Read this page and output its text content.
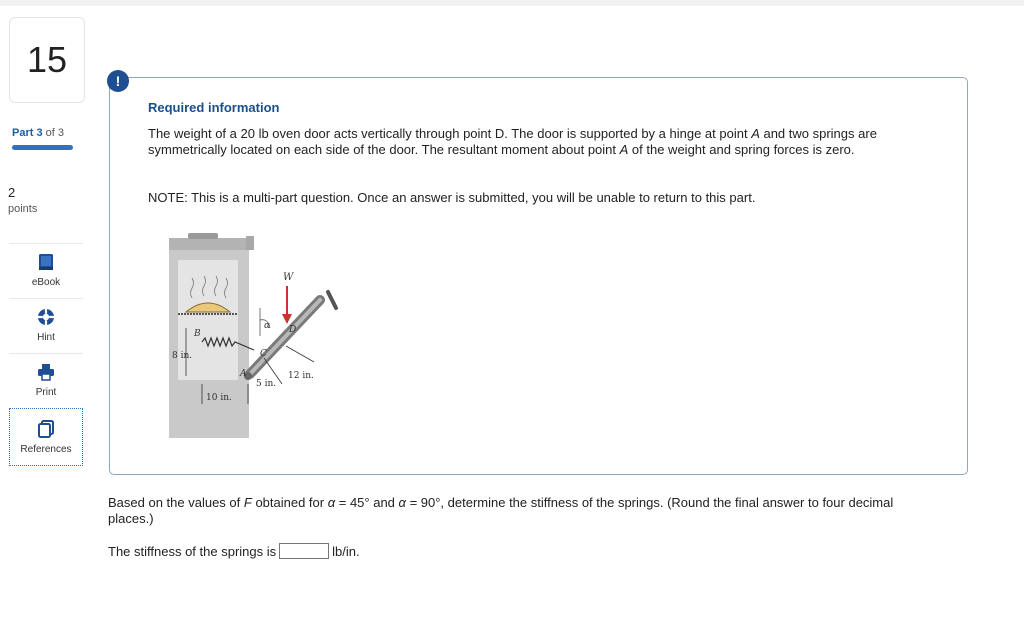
15
Part 3 of 3
2
points
eBook
Hint
Print
References
!
Required information
The weight of a 20 lb oven door acts vertically through point D. The door is supported by a hinge at point A and two springs are symmetrically located on each side of the door. The resultant moment about point A of the weight and spring forces is zero.
NOTE: This is a multi-part question. Once an answer is submitted, you will be unable to return to this part.
W
B
α D
C
A
8 in.
5 in.
12 in.
10 in.
Based on the values of F obtained for α = 45° and α = 90°, determine the stiffness of the springs. (Round the final answer to four decimal places.)
The stiffness of the springs is	lb/in.
